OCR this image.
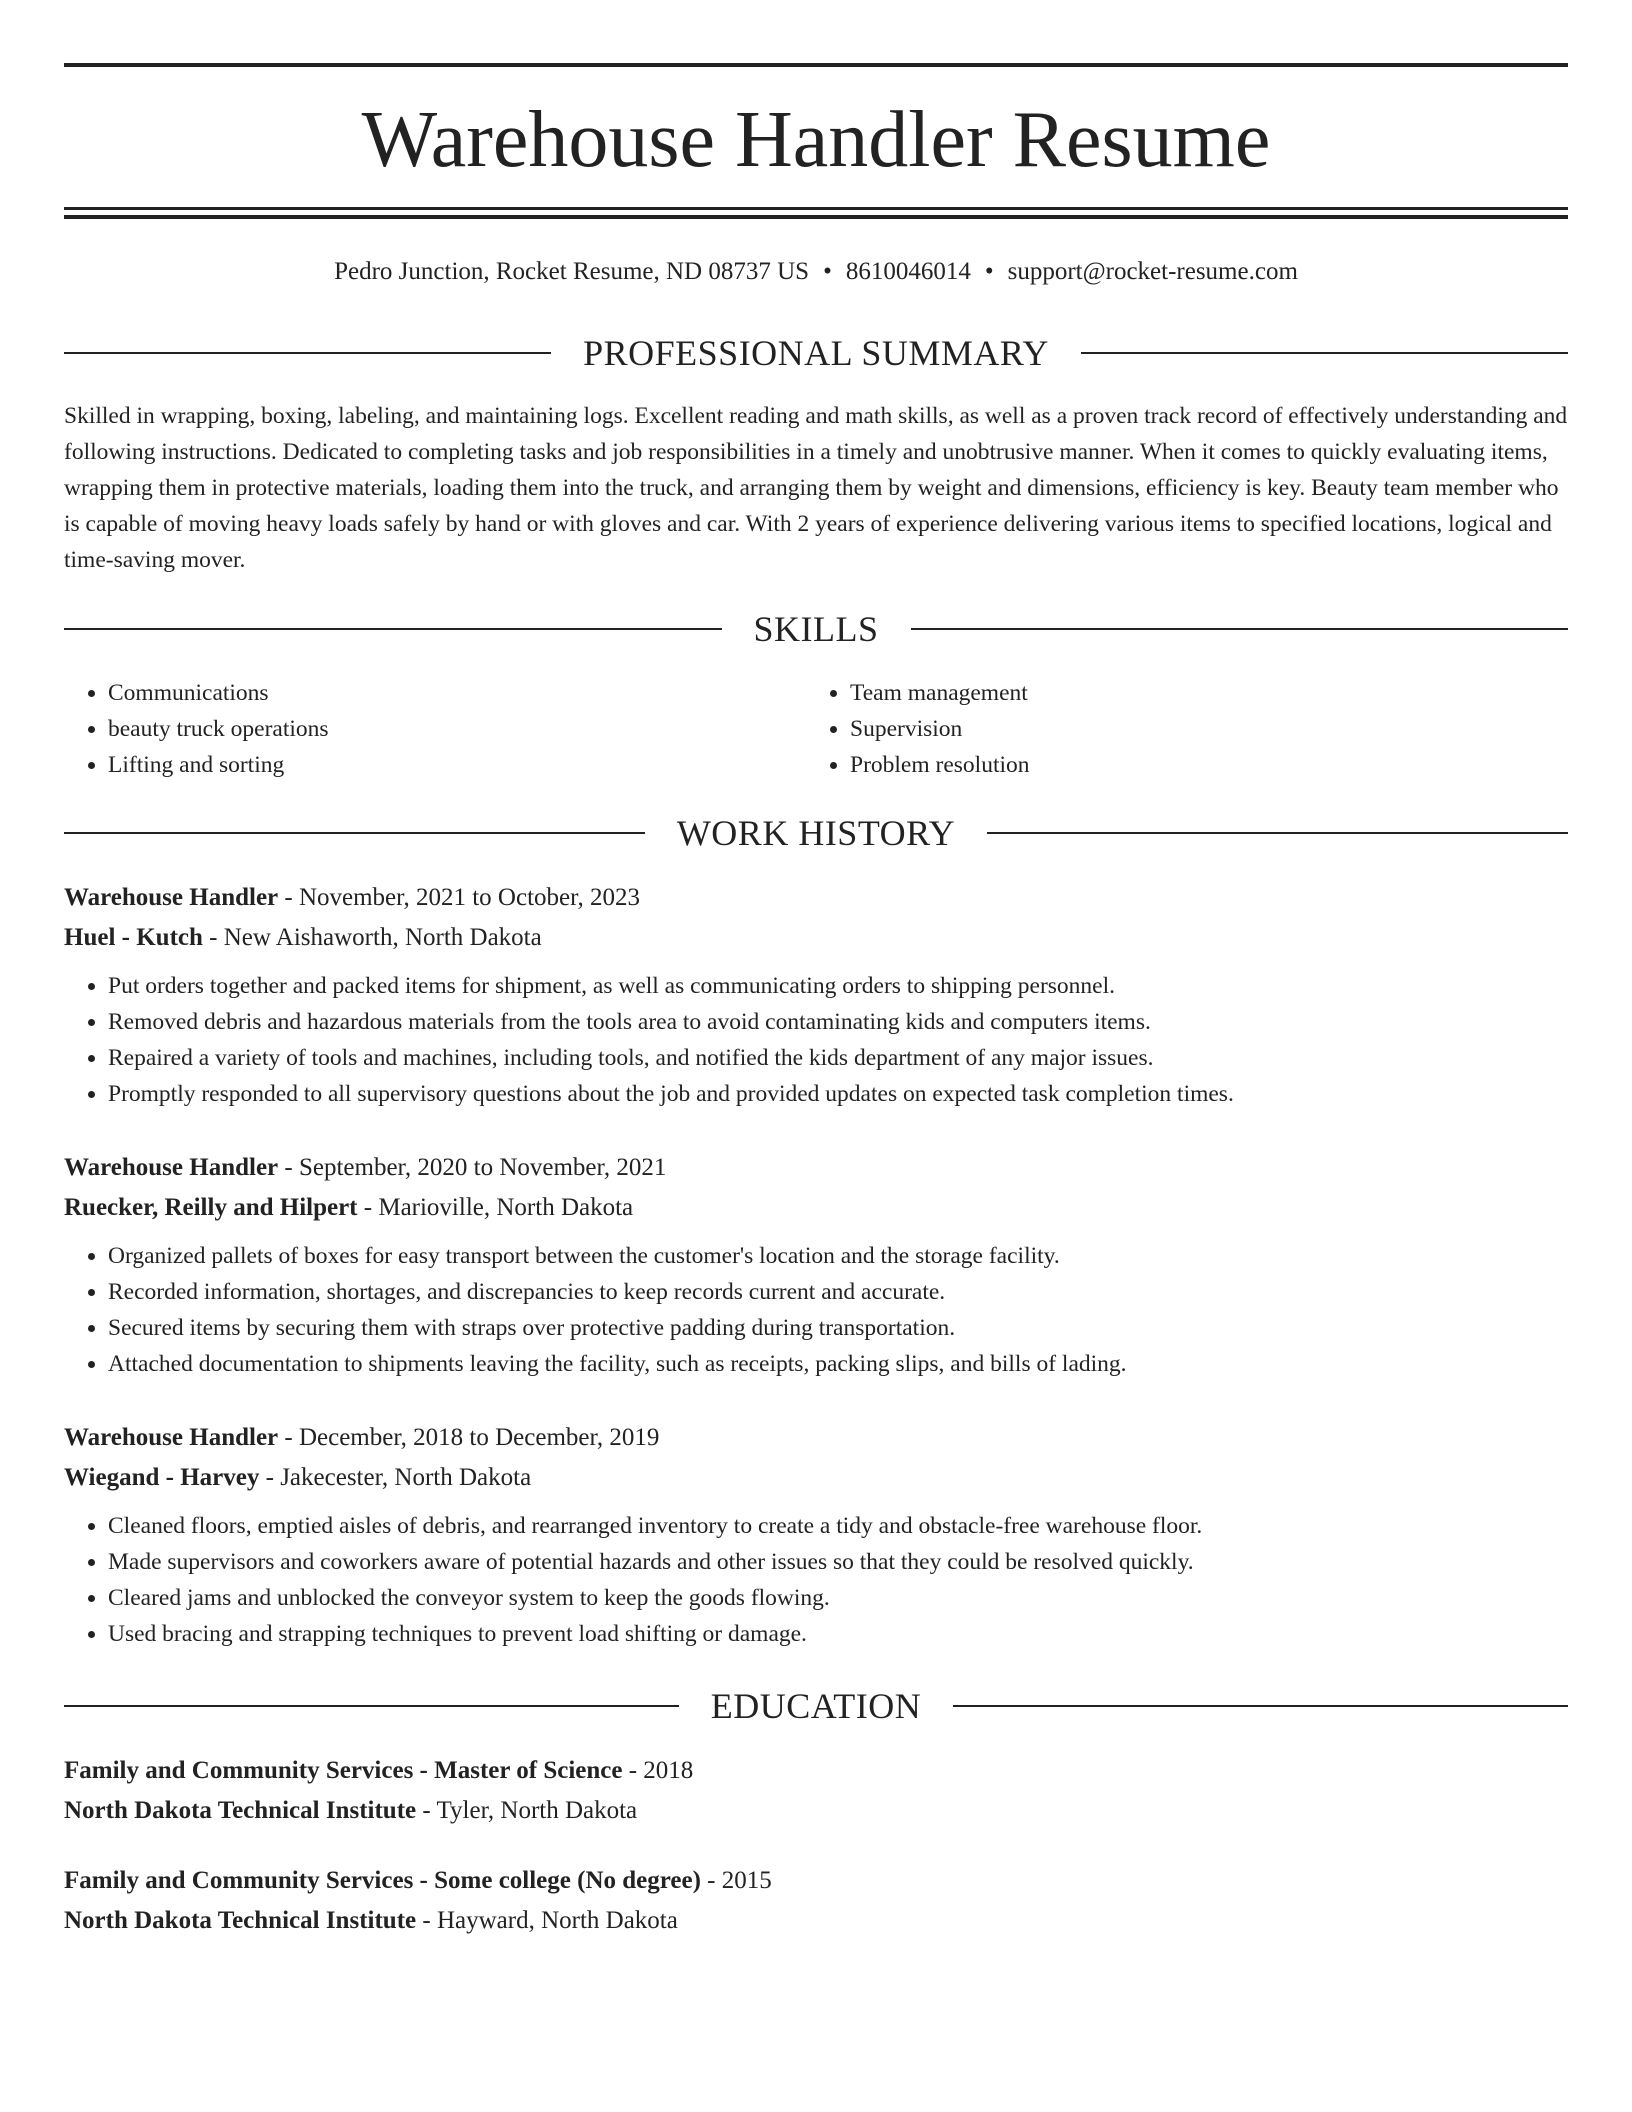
Warehouse Handler Resume
Pedro Junction, Rocket Resume, ND 08737 US • 8610046014 • support@rocket-resume.com
PROFESSIONAL SUMMARY

Skilled in wrapping, boxing, labeling, and maintaining logs. Excellent reading and math skills, as well as a proven track record of effectively understanding and following instructions. Dedicated to completing tasks and job responsibilities in a timely and unobtrusive manner. When it comes to quickly evaluating items, wrapping them in protective materials, loading them into the truck, and arranging them by weight and dimensions, efficiency is key. Beauty team member who is capable of moving heavy loads safely by hand or with gloves and car. With 2 years of experience delivering various items to specified locations, logical and time-saving mover.

SKILLS
• Communications
• beauty truck operations
• Lifting and sorting
• Team management
• Supervision
• Problem resolution
WORK HISTORY
Warehouse Handler - November, 2021 to October, 2023
Huel - Kutch - New Aishaworth, North Dakota
• Put orders together and packed items for shipment, as well as communicating orders to shipping personnel.
• Removed debris and hazardous materials from the tools area to avoid contaminating kids and computers items.
• Repaired a variety of tools and machines, including tools, and notified the kids department of any major issues.
• Promptly responded to all supervisory questions about the job and provided updates on expected task completion times.
Warehouse Handler - September, 2020 to November, 2021
Ruecker, Reilly and Hilpert - Marioville, North Dakota
• Organized pallets of boxes for easy transport between the customer's location and the storage facility.
• Recorded information, shortages, and discrepancies to keep records current and accurate.
• Secured items by securing them with straps over protective padding during transportation.
• Attached documentation to shipments leaving the facility, such as receipts, packing slips, and bills of lading.
Warehouse Handler - December, 2018 to December, 2019
Wiegand - Harvey - Jakecester, North Dakota
• Cleaned floors, emptied aisles of debris, and rearranged inventory to create a tidy and obstacle-free warehouse floor.
• Made supervisors and coworkers aware of potential hazards and other issues so that they could be resolved quickly.
• Cleared jams and unblocked the conveyor system to keep the goods flowing.
• Used bracing and strapping techniques to prevent load shifting or damage.
EDUCATION
Family and Community Services - Master of Science - 2018
North Dakota Technical Institute - Tyler, North Dakota
Family and Community Services - Some college (No degree) - 2015
North Dakota Technical Institute - Hayward, North Dakota
